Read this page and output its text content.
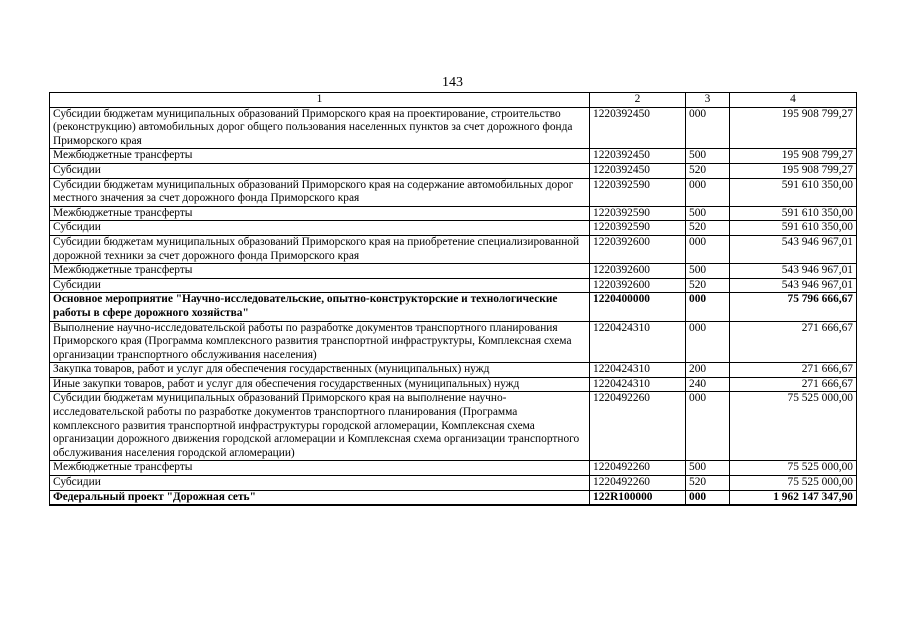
143
1	2	3	4
Субсидии бюджетам муниципальных образований Приморского края на проектирование, строительство (реконструкцию) автомобильных дорог общего пользования населенных пунктов за счет дорожного фонда Приморского края	1220392450	000	195 908 799,27
Межбюджетные трансферты	1220392450	500	195 908 799,27
Субсидии	1220392450	520	195 908 799,27
Субсидии бюджетам муниципальных образований Приморского края на содержание автомобильных дорог местного значения за счет дорожного фонда Приморского края	1220392590	000	591 610 350,00
Межбюджетные трансферты	1220392590	500	591 610 350,00
Субсидии	1220392590	520	591 610 350,00
Субсидии бюджетам муниципальных образований Приморского края на приобретение специализированной дорожной техники за счет дорожного фонда Приморского края	1220392600	000	543 946 967,01
Межбюджетные трансферты	1220392600	500	543 946 967,01
Субсидии	1220392600	520	543 946 967,01
Основное мероприятие "Научно-исследовательские, опытно-конструкторские и технологические работы в сфере дорожного хозяйства"	1220400000	000	75 796 666,67
Выполнение научно-исследовательской работы по разработке документов транспортного планирования Приморского края (Программа комплексного развития транспортной инфраструктуры, Комплексная схема организации транспортного обслуживания населения)	1220424310	000	271 666,67
Закупка товаров, работ и услуг для обеспечения государственных (муниципальных) нужд	1220424310	200	271 666,67
Иные закупки товаров, работ и услуг для обеспечения государственных (муниципальных) нужд	1220424310	240	271 666,67
Субсидии бюджетам муниципальных образований Приморского края на выполнение научно-исследовательской работы по разработке документов транспортного планирования (Программа комплексного развития транспортной инфраструктуры городской агломерации, Комплексная схема организации дорожного движения городской агломерации и Комплексная схема организации транспортного обслуживания населения городской агломерации)	1220492260	000	75 525 000,00
Межбюджетные трансферты	1220492260	500	75 525 000,00
Субсидии	1220492260	520	75 525 000,00
Федеральный проект "Дорожная сеть"	122R100000	000	1 962 147 347,90
